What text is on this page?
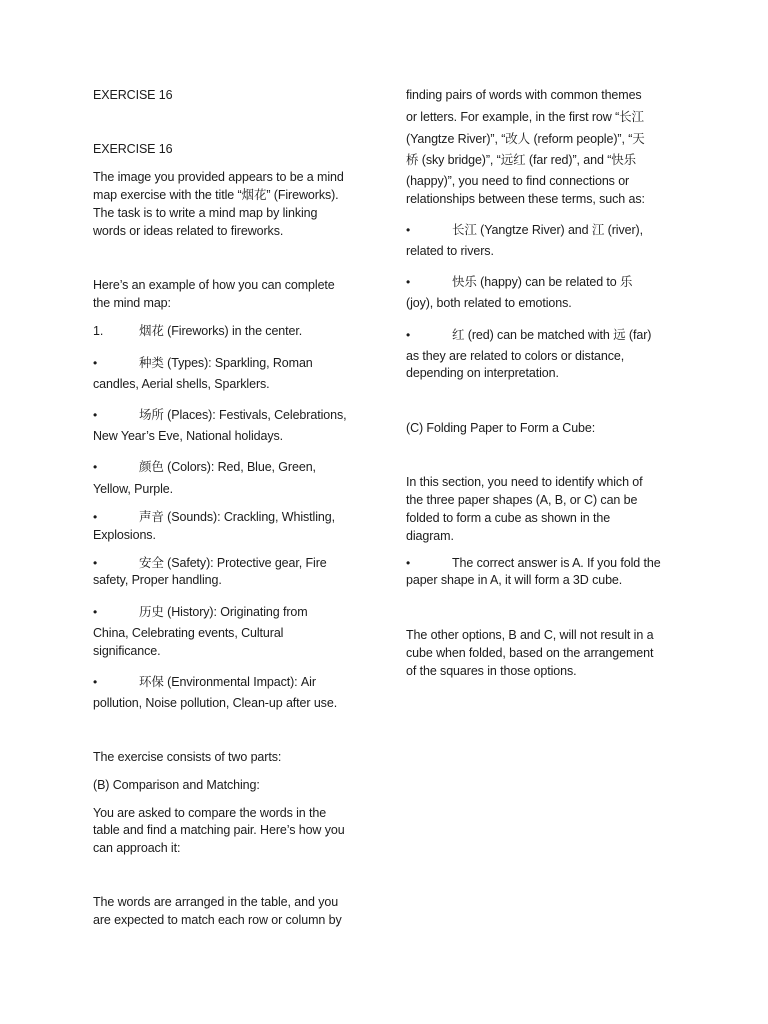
EXERCISE 16
EXERCISE 16
The image you provided appears to be a mind
map exercise with the title “烟花” (Fireworks).
The task is to write a mind map by linking
words or ideas related to fireworks.
Here’s an example of how you can complete
the mind map:
1.	烟花 (Fireworks) in the center.
•	种类 (Types): Sparkling, Roman
candles, Aerial shells, Sparklers.
•	场所 (Places): Festivals, Celebrations,
New Year’s Eve, National holidays.
•	颜色 (Colors): Red, Blue, Green,
Yellow, Purple.
•	声音 (Sounds): Crackling, Whistling,
Explosions.
•	安全 (Safety): Protective gear, Fire
safety, Proper handling.
•	历史 (History): Originating from
China, Celebrating events, Cultural
significance.
•	环保 (Environmental Impact): Air
pollution, Noise pollution, Clean-up after use.
The exercise consists of two parts:
(B) Comparison and Matching:
You are asked to compare the words in the
table and find a matching pair. Here’s how you
can approach it:
The words are arranged in the table, and you
are expected to match each row or column by
finding pairs of words with common themes
or letters. For example, in the first row “长江
(Yangtze River)”, “改人 (reform people)”, “天
桥 (sky bridge)”, “远红 (far red)”, and “快乐
(happy)”, you need to find connections or
relationships between these terms, such as:
•	长江 (Yangtze River) and 江 (river),
related to rivers.
•	快乐 (happy) can be related to 乐
(joy), both related to emotions.
•	红 (red) can be matched with 远 (far)
as they are related to colors or distance,
depending on interpretation.
(C) Folding Paper to Form a Cube:
In this section, you need to identify which of
the three paper shapes (A, B, or C) can be
folded to form a cube as shown in the
diagram.
•	The correct answer is A. If you fold the
paper shape in A, it will form a 3D cube.
The other options, B and C, will not result in a
cube when folded, based on the arrangement
of the squares in those options.
